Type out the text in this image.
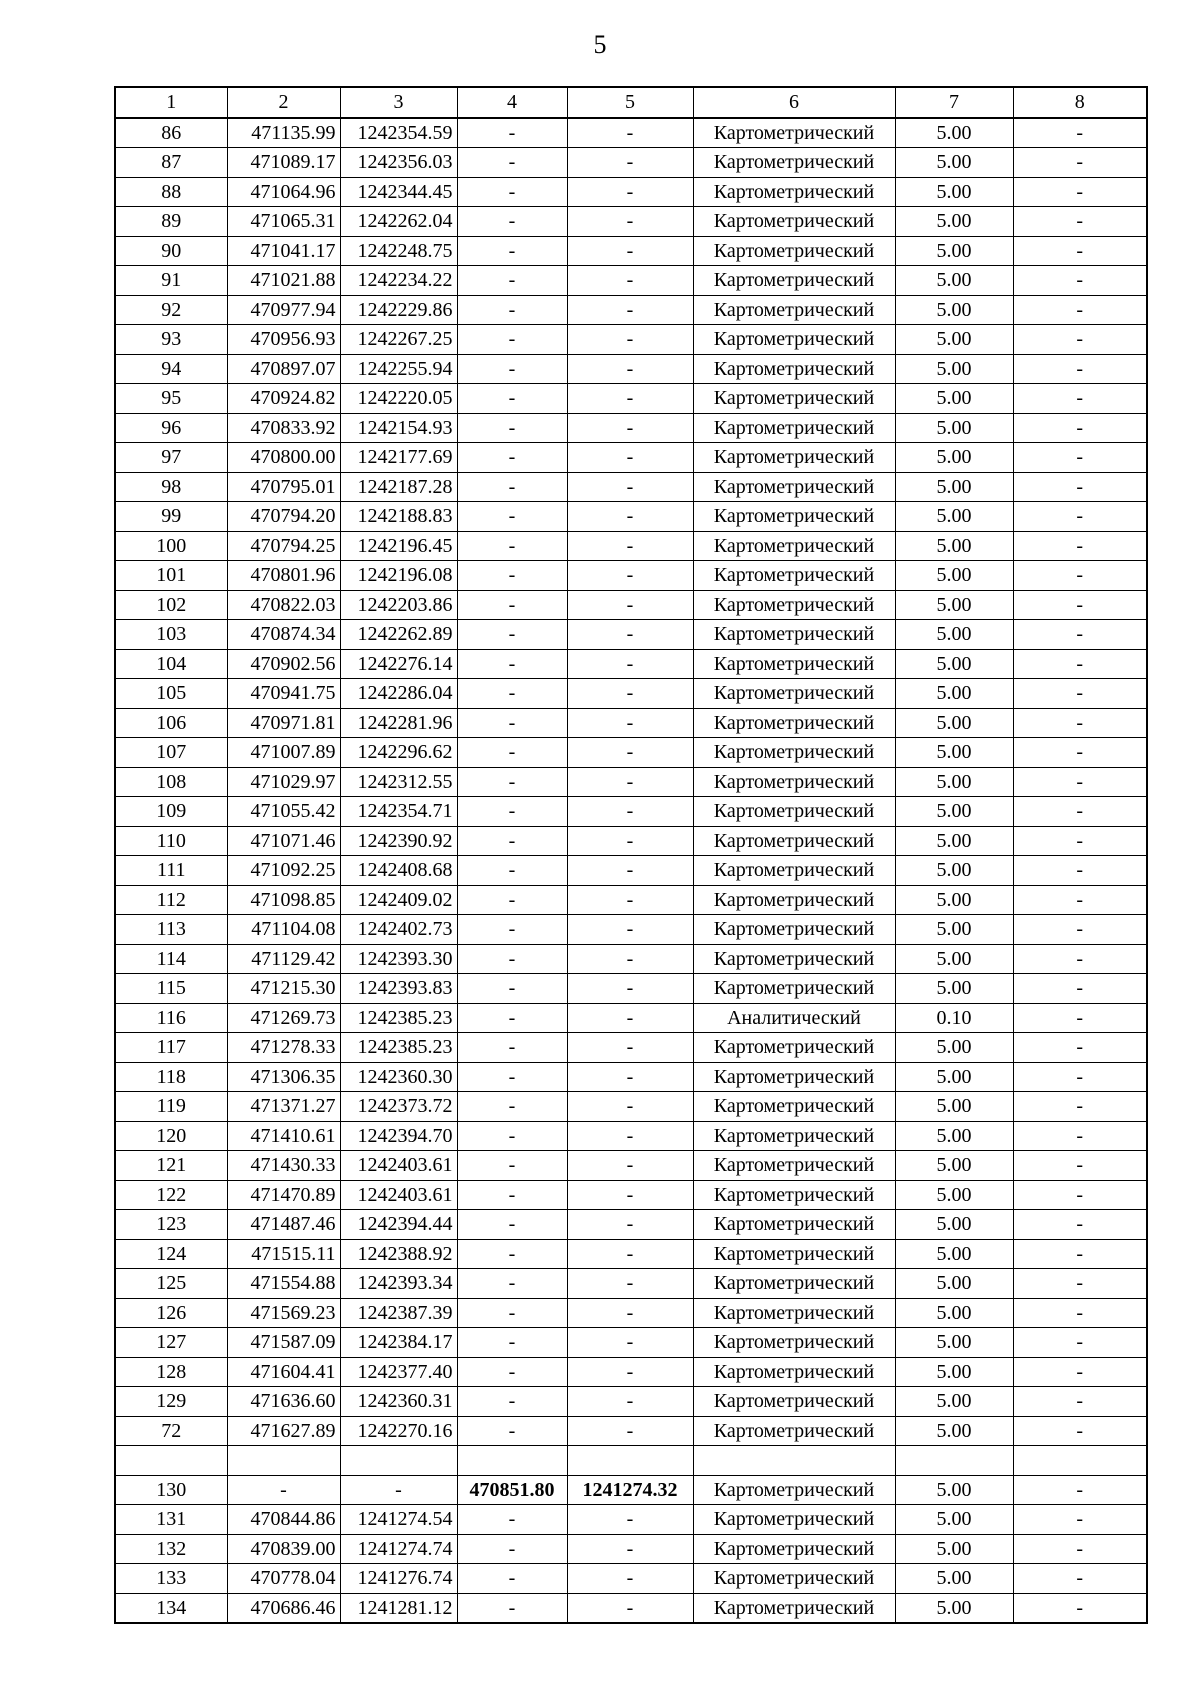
5
1	2	3	4	5	6	7	8
86	471135.99	1242354.59	-	-	Картометрический	5.00	-
87	471089.17	1242356.03	-	-	Картометрический	5.00	-
88	471064.96	1242344.45	-	-	Картометрический	5.00	-
89	471065.31	1242262.04	-	-	Картометрический	5.00	-
90	471041.17	1242248.75	-	-	Картометрический	5.00	-
91	471021.88	1242234.22	-	-	Картометрический	5.00	-
92	470977.94	1242229.86	-	-	Картометрический	5.00	-
93	470956.93	1242267.25	-	-	Картометрический	5.00	-
94	470897.07	1242255.94	-	-	Картометрический	5.00	-
95	470924.82	1242220.05	-	-	Картометрический	5.00	-
96	470833.92	1242154.93	-	-	Картометрический	5.00	-
97	470800.00	1242177.69	-	-	Картометрический	5.00	-
98	470795.01	1242187.28	-	-	Картометрический	5.00	-
99	470794.20	1242188.83	-	-	Картометрический	5.00	-
100	470794.25	1242196.45	-	-	Картометрический	5.00	-
101	470801.96	1242196.08	-	-	Картометрический	5.00	-
102	470822.03	1242203.86	-	-	Картометрический	5.00	-
103	470874.34	1242262.89	-	-	Картометрический	5.00	-
104	470902.56	1242276.14	-	-	Картометрический	5.00	-
105	470941.75	1242286.04	-	-	Картометрический	5.00	-
106	470971.81	1242281.96	-	-	Картометрический	5.00	-
107	471007.89	1242296.62	-	-	Картометрический	5.00	-
108	471029.97	1242312.55	-	-	Картометрический	5.00	-
109	471055.42	1242354.71	-	-	Картометрический	5.00	-
110	471071.46	1242390.92	-	-	Картометрический	5.00	-
111	471092.25	1242408.68	-	-	Картометрический	5.00	-
112	471098.85	1242409.02	-	-	Картометрический	5.00	-
113	471104.08	1242402.73	-	-	Картометрический	5.00	-
114	471129.42	1242393.30	-	-	Картометрический	5.00	-
115	471215.30	1242393.83	-	-	Картометрический	5.00	-
116	471269.73	1242385.23	-	-	Аналитический	0.10	-
117	471278.33	1242385.23	-	-	Картометрический	5.00	-
118	471306.35	1242360.30	-	-	Картометрический	5.00	-
119	471371.27	1242373.72	-	-	Картометрический	5.00	-
120	471410.61	1242394.70	-	-	Картометрический	5.00	-
121	471430.33	1242403.61	-	-	Картометрический	5.00	-
122	471470.89	1242403.61	-	-	Картометрический	5.00	-
123	471487.46	1242394.44	-	-	Картометрический	5.00	-
124	471515.11	1242388.92	-	-	Картометрический	5.00	-
125	471554.88	1242393.34	-	-	Картометрический	5.00	-
126	471569.23	1242387.39	-	-	Картометрический	5.00	-
127	471587.09	1242384.17	-	-	Картометрический	5.00	-
128	471604.41	1242377.40	-	-	Картометрический	5.00	-
129	471636.60	1242360.31	-	-	Картометрический	5.00	-
72	471627.89	1242270.16	-	-	Картометрический	5.00	-

130	-	-	470851.80	1241274.32	Картометрический	5.00	-
131	470844.86	1241274.54	-	-	Картометрический	5.00	-
132	470839.00	1241274.74	-	-	Картометрический	5.00	-
133	470778.04	1241276.74	-	-	Картометрический	5.00	-
134	470686.46	1241281.12	-	-	Картометрический	5.00	-
